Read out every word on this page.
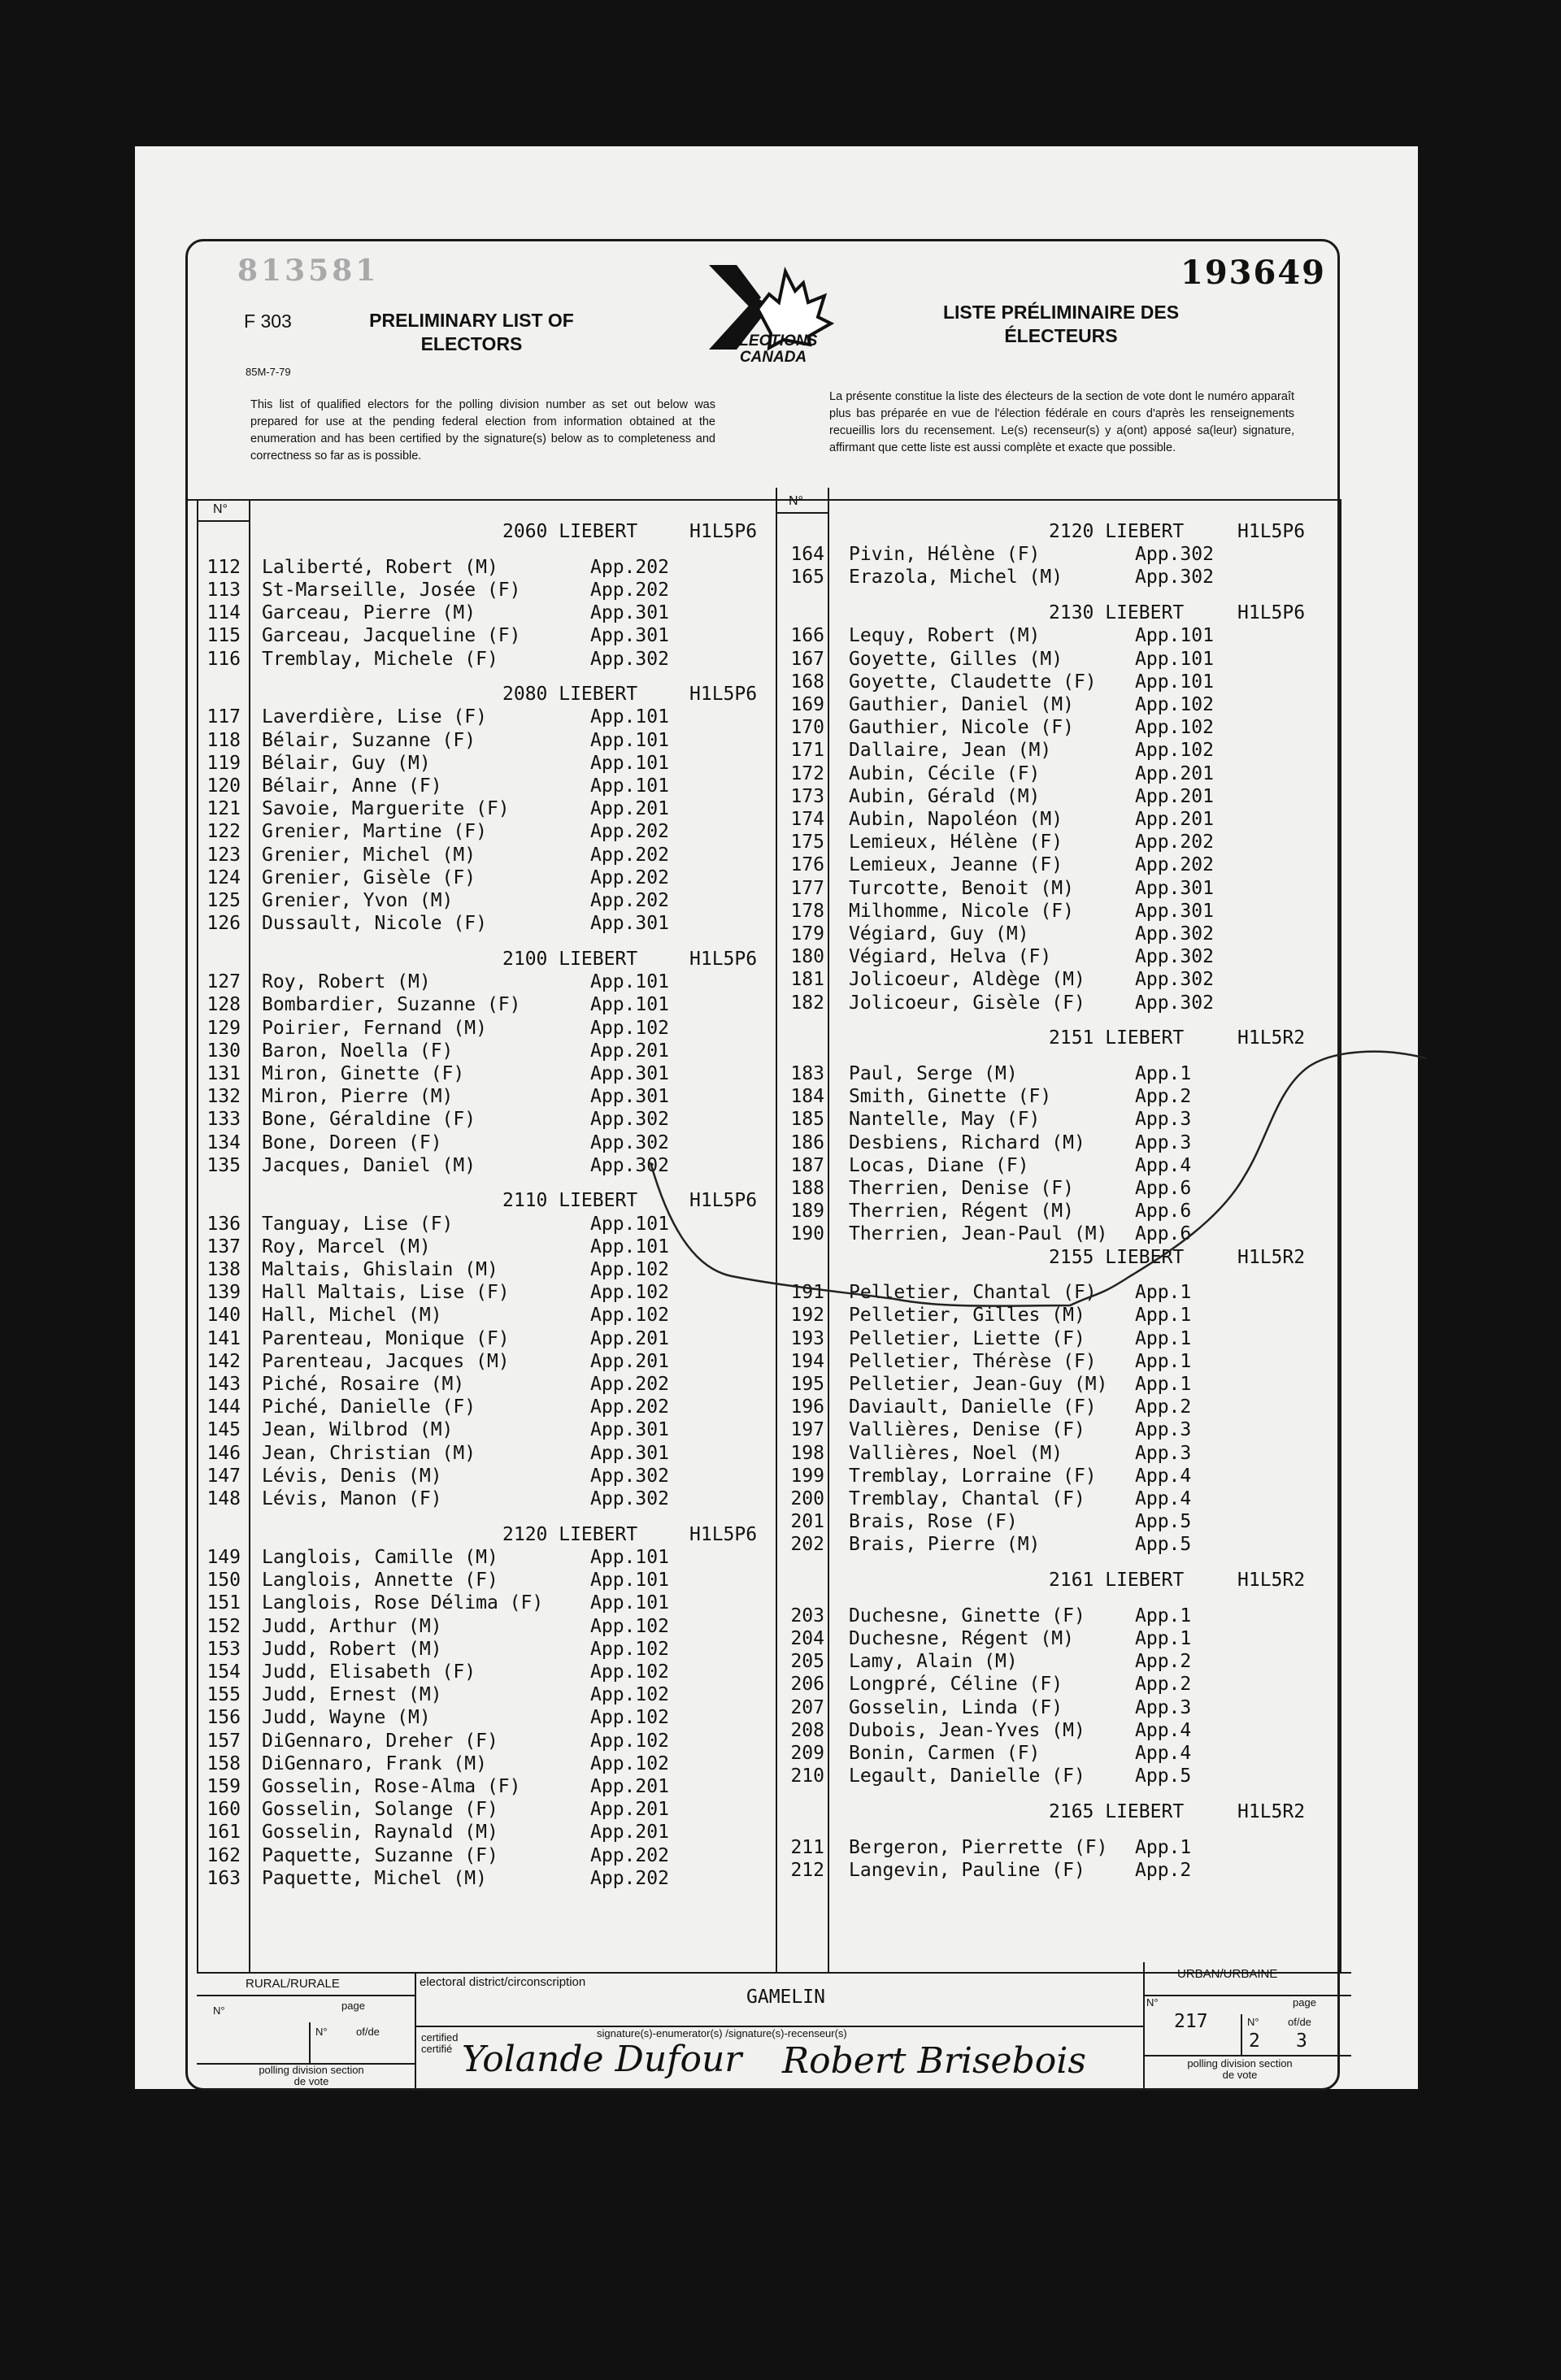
813581
F 303
85M-7-79
PRELIMINARY LIST OF ELECTORS	ELECTIONS
CANADA
LISTE PRÉLIMINAIRE DES ÉLECTEURS
193649
This list of qualified electors for the polling division number as set out below was prepared for use at the pending federal election from information obtained at the enumeration and has been certified by the signature(s) below as to completeness and correctness so far as is possible.
La présente constitue la liste des électeurs de la section de vote dont le numéro apparaît plus bas préparée en vue de l'élection fédérale en cours d'après les renseignements recueillis lors du recensement. Le(s) recenseur(s) y a(ont) apposé sa(leur) signature, affirmant que cette liste est aussi complète et exacte que possible.
N°
N°
2060 LIEBERT	H1L5P6
112 Laliberté, Robert (M)	App.202
113 St-Marseille, Josée (F)	App.202
114 Garceau, Pierre (M)	App.301
115 Garceau, Jacqueline (F)	App.301
116 Tremblay, Michele (F)	App.302
2080 LIEBERT	H1L5P6
117 Laverdière, Lise (F)	App.101
118 Bélair, Suzanne (F)	App.101
119 Bélair, Guy (M)	App.101
120 Bélair, Anne (F)	App.101
121 Savoie, Marguerite (F)	App.201
122 Grenier, Martine (F)	App.202
123 Grenier, Michel (M)	App.202
124 Grenier, Gisèle (F)	App.202
125 Grenier, Yvon (M)	App.202
126 Dussault, Nicole (F)	App.301
2100 LIEBERT	H1L5P6
127 Roy, Robert (M)	App.101
128 Bombardier, Suzanne (F)	App.101
129 Poirier, Fernand (M)	App.102
130 Baron, Noella (F)	App.201
131 Miron, Ginette (F)	App.301
132 Miron, Pierre (M)	App.301
133 Bone, Géraldine (F)	App.302
134 Bone, Doreen (F)	App.302
135 Jacques, Daniel (M)	App.302
2110 LIEBERT	H1L5P6
136 Tanguay, Lise (F)	App.101
137 Roy, Marcel (M)	App.101
138 Maltais, Ghislain (M)	App.102
139 Hall Maltais, Lise (F)	App.102
140 Hall, Michel (M)	App.102
141 Parenteau, Monique (F)	App.201
142 Parenteau, Jacques (M)	App.201
143 Piché, Rosaire (M)	App.202
144 Piché, Danielle (F)	App.202
145 Jean, Wilbrod (M)	App.301
146 Jean, Christian (M)	App.301
147 Lévis, Denis (M)	App.302
148 Lévis, Manon (F)	App.302
2120 LIEBERT	H1L5P6
149 Langlois, Camille (M)	App.101
150 Langlois, Annette (F)	App.101
151 Langlois, Rose Délima (F)	App.101
152 Judd, Arthur (M)	App.102
153 Judd, Robert (M)	App.102
154 Judd, Elisabeth (F)	App.102
155 Judd, Ernest (M)	App.102
156 Judd, Wayne (M)	App.102
157 DiGennaro, Dreher (F)	App.102
158 DiGennaro, Frank (M)	App.102
159 Gosselin, Rose-Alma (F)	App.201
160 Gosselin, Solange (F)	App.201
161 Gosselin, Raynald (M)	App.201
162 Paquette, Suzanne (F)	App.202
163 Paquette, Michel (M)	App.202
2120 LIEBERT	H1L5P6
164 Pivin, Hélène (F)	App.302
165 Erazola, Michel (M)	App.302
2130 LIEBERT	H1L5P6
166 Lequy, Robert (M)	App.101
167 Goyette, Gilles (M)	App.101
168 Goyette, Claudette (F) App.101
169 Gauthier, Daniel (M)	App.102
170 Gauthier, Nicole (F)	App.102
171 Dallaire, Jean (M)	App.102
172 Aubin, Cécile (F)	App.201
173 Aubin, Gérald (M)	App.201
174 Aubin, Napoléon (M)	App.201
175 Lemieux, Hélène (F)	App.202
176 Lemieux, Jeanne (F)	App.202
177 Turcotte, Benoit (M)	App.301
178 Milhomme, Nicole (F)	App.301
179 Végiard, Guy (M)	App.302
180 Végiard, Helva (F)	App.302
181 Jolicoeur, Aldège (M)	App.302
182 Jolicoeur, Gisèle (F)	App.302
2151 LIEBERT	H1L5R2
183 Paul, Serge (M)	App.1
184 Smith, Ginette (F)	App.2
185 Nantelle, May (F)	App.3
186 Desbiens, Richard (M)	App.3
187 Locas, Diane (F)	App.4
188 Therrien, Denise (F)	App.6
189 Therrien, Régent (M)	App.6
190 Therrien, Jean-Paul (M) App.6
2155 LIEBERT	H1L5R2
191 Pelletier, Chantal (F) App.1
192 Pelletier, Gilles (M)	App.1
193 Pelletier, Liette (F)	App.1
194 Pelletier, Thérèse (F) App.1
195 Pelletier, Jean-Guy (M) App.1
196 Daviault, Danielle (F) App.2
197 Vallières, Denise (F)	App.3
198 Vallières, Noel (M)	App.3
199 Tremblay, Lorraine (F) App.4
200 Tremblay, Chantal (F)	App.4
201 Brais, Rose (F)	App.5
202 Brais, Pierre (M)	App.5
2161 LIEBERT	H1L5R2
203 Duchesne, Ginette (F)	App.1
204 Duchesne, Régent (M)	App.1
205 Lamy, Alain (M)	App.2
206 Longpré, Céline (F)	App.2
207 Gosselin, Linda (F)	App.3
208 Dubois, Jean-Yves (M)	App.4
209 Bonin, Carmen (F)	App.4
210 Legault, Danielle (F)	App.5
2165 LIEBERT	H1L5R2
211 Bergeron, Pierrette (F) App.1
212 Langevin, Pauline (F)	App.2
RURAL/RURALE
page
N°
N°	of/de
polling division section de vote
electoral district/circonscription
GAMELIN
certified certifié
signature(s)-enumerator(s) /signature(s)-recenseur(s)
Yolande Dufour Robert Brisebois
URBAN/URBAINE
page
N°
217	N°	of/de
2 3
polling division section de vote
